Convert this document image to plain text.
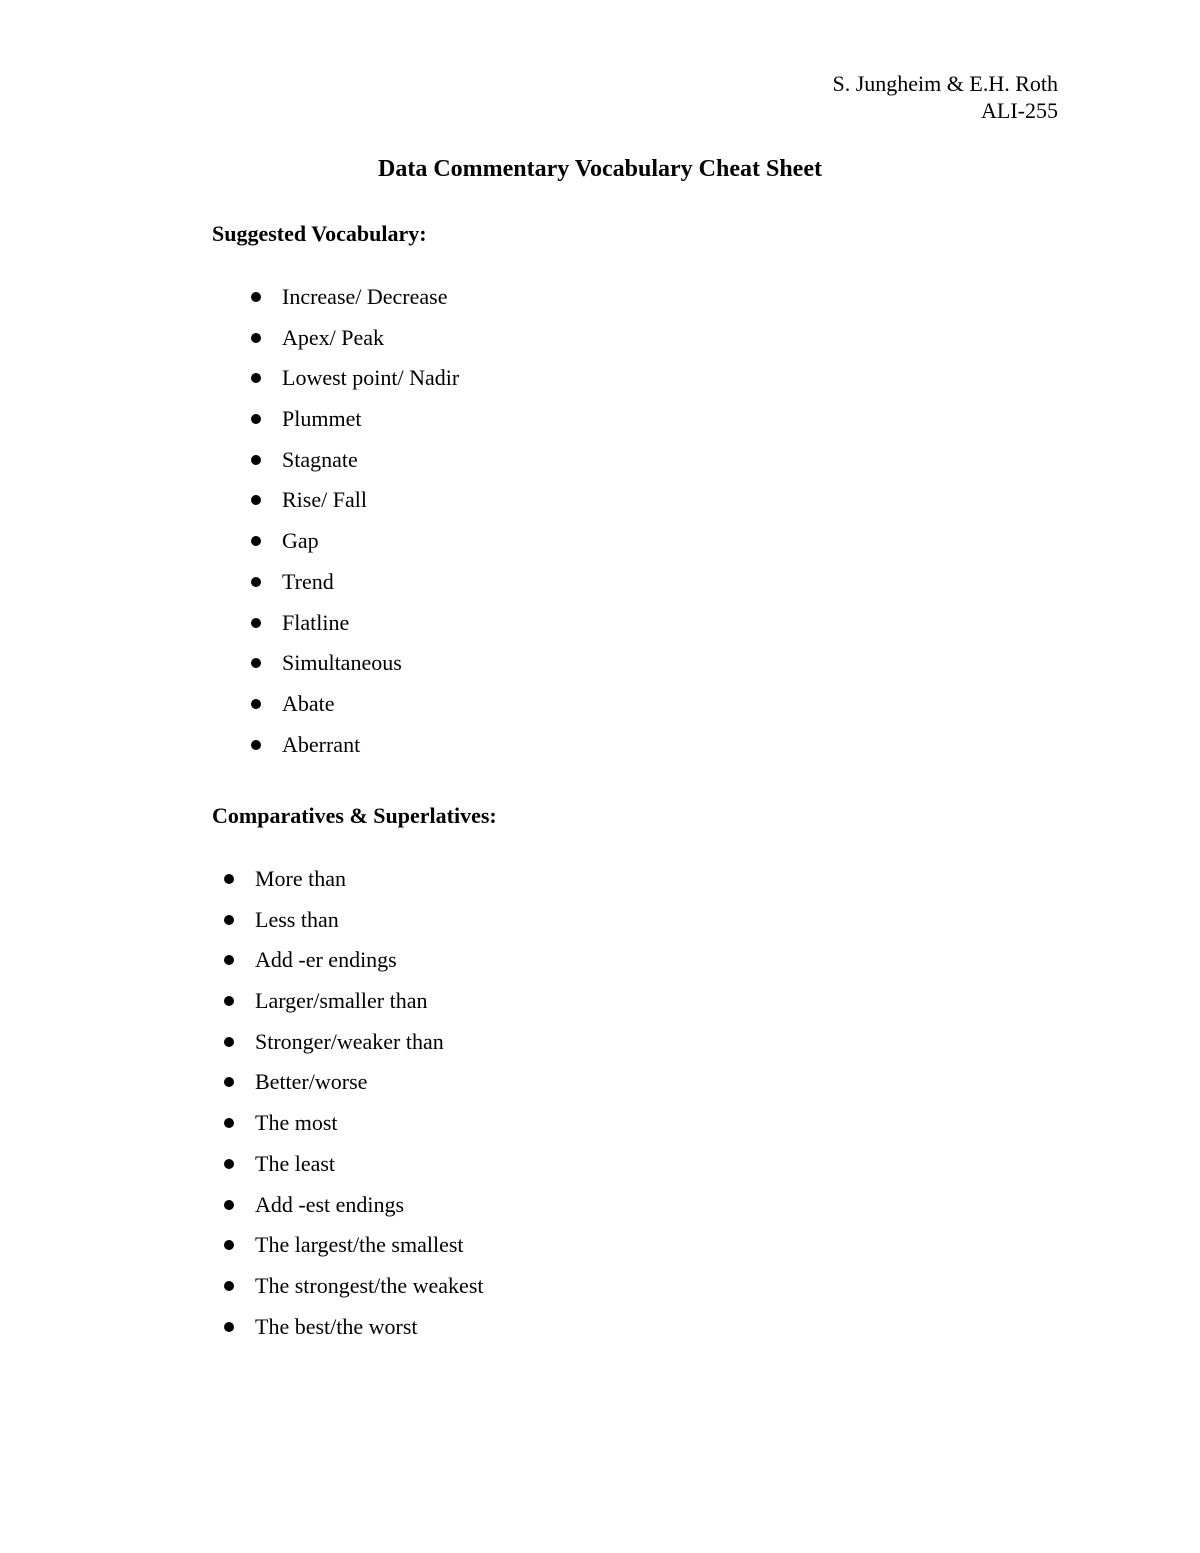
S. Jungheim & E.H. Roth
ALI-255
Data Commentary Vocabulary Cheat Sheet
Suggested Vocabulary:
Increase/ Decrease
Apex/ Peak
Lowest point/ Nadir
Plummet
Stagnate
Rise/ Fall
Gap
Trend
Flatline
Simultaneous
Abate
Aberrant
Comparatives & Superlatives:
More than
Less than
Add -er endings
Larger/smaller than
Stronger/weaker than
Better/worse
The most
The least
Add -est endings
The largest/the smallest
The strongest/the weakest
The best/the worst
